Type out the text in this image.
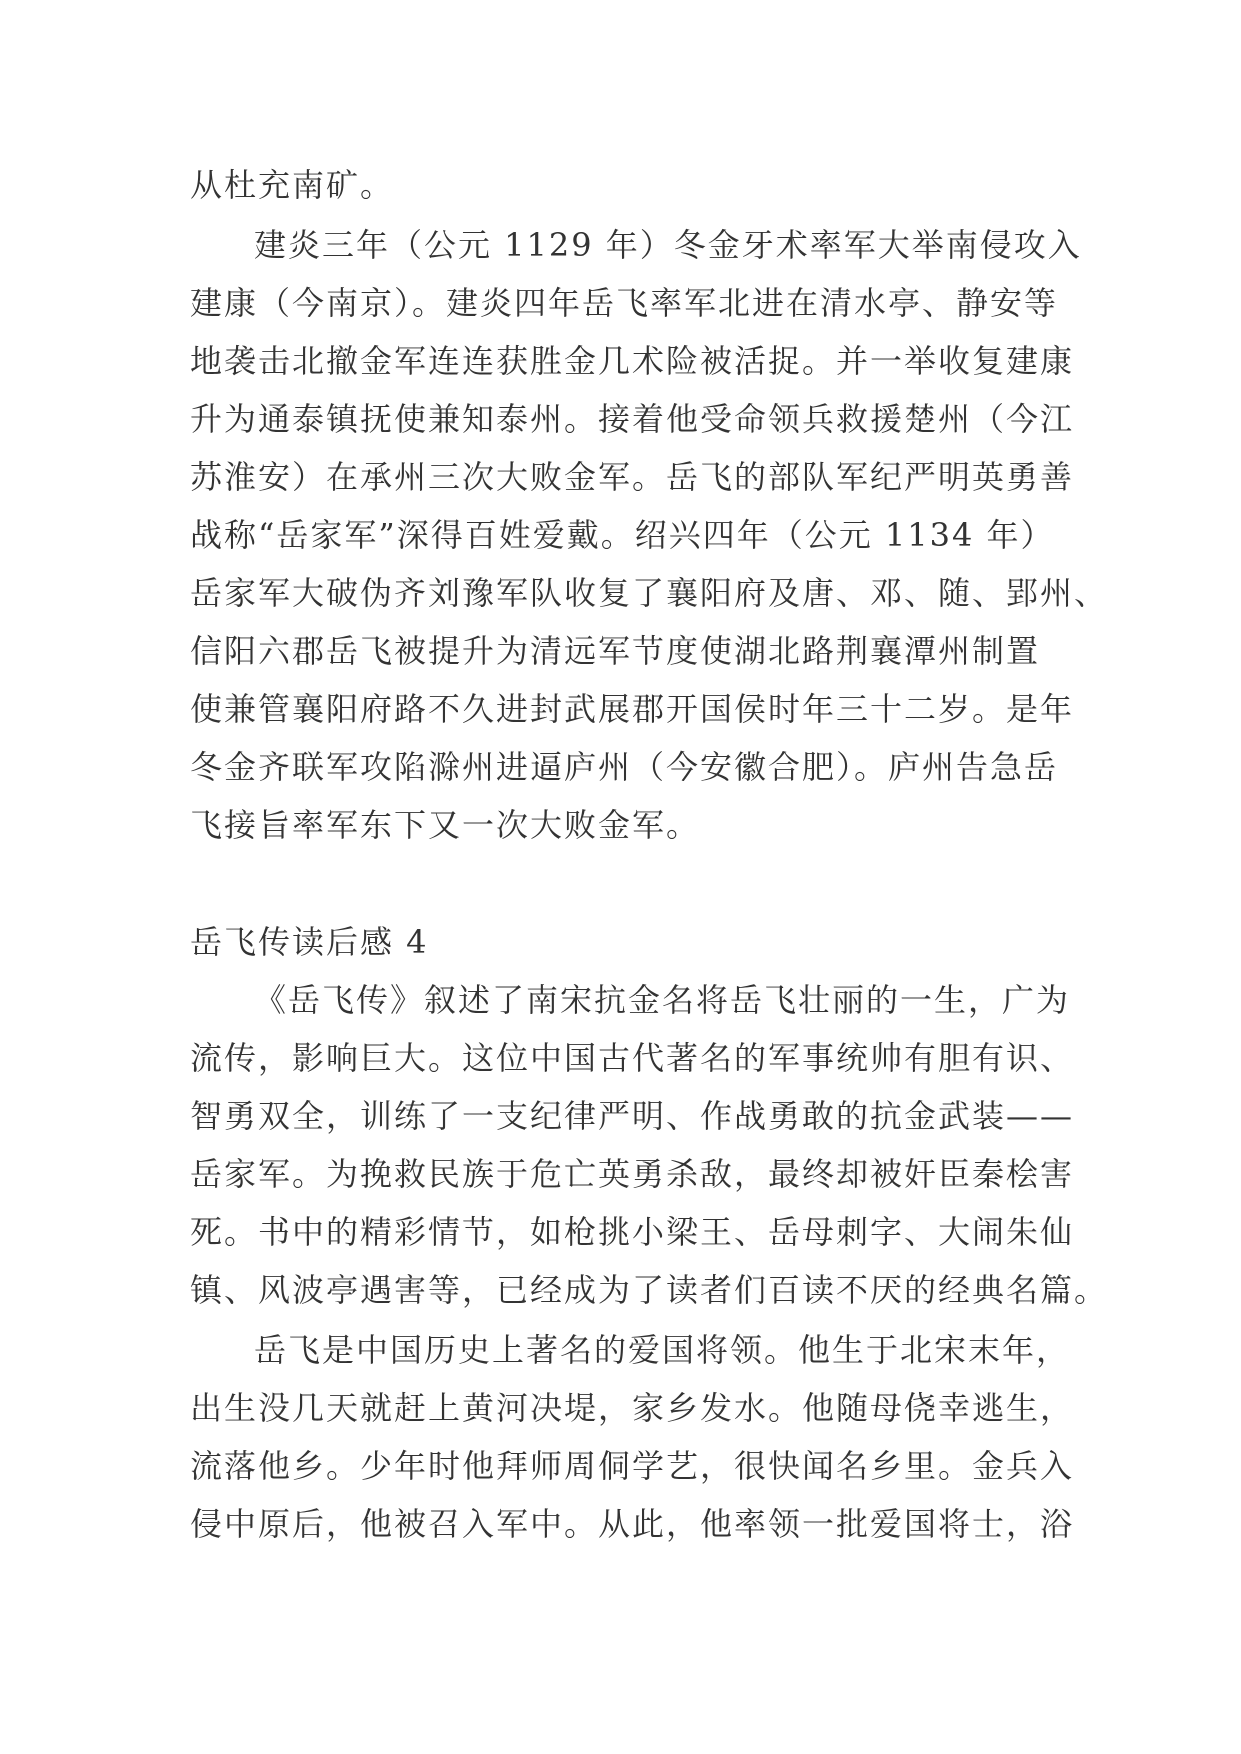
从杜充南矿。
建炎三年（公元 1129 年）冬金牙术率军大举南侵攻入
建康（今南京）。建炎四年岳飞率军北进在清水亭、静安等
地袭击北撤金军连连获胜金几术险被活捉。并一举收复建康
升为通泰镇抚使兼知泰州。接着他受命领兵救援楚州（今江
苏淮安）在承州三次大败金军。岳飞的部队军纪严明英勇善
战称“岳家军”深得百姓爱戴。绍兴四年（公元 1134 年）
岳家军大破伪齐刘豫军队收复了襄阳府及唐、邓、随、郢州、
信阳六郡岳飞被提升为清远军节度使湖北路荆襄潭州制置
使兼管襄阳府路不久进封武展郡开国侯时年三十二岁。是年
冬金齐联军攻陷滁州进逼庐州（今安徽合肥）。庐州告急岳
飞接旨率军东下又一次大败金军。
岳飞传读后感 4
《岳飞传》叙述了南宋抗金名将岳飞壮丽的一生，广为
流传，影响巨大。这位中国古代著名的军事统帅有胆有识、
智勇双全，训练了一支纪律严明、作战勇敢的抗金武装——
岳家军。为挽救民族于危亡英勇杀敌，最终却被奸臣秦桧害
死。书中的精彩情节，如枪挑小梁王、岳母刺字、大闹朱仙
镇、风波亭遇害等，已经成为了读者们百读不厌的经典名篇。
岳飞是中国历史上著名的爱国将领。他生于北宋末年，
出生没几天就赶上黄河决堤，家乡发水。他随母侥幸逃生，
流落他乡。少年时他拜师周侗学艺，很快闻名乡里。金兵入
侵中原后，他被召入军中。从此，他率领一批爱国将士，浴
